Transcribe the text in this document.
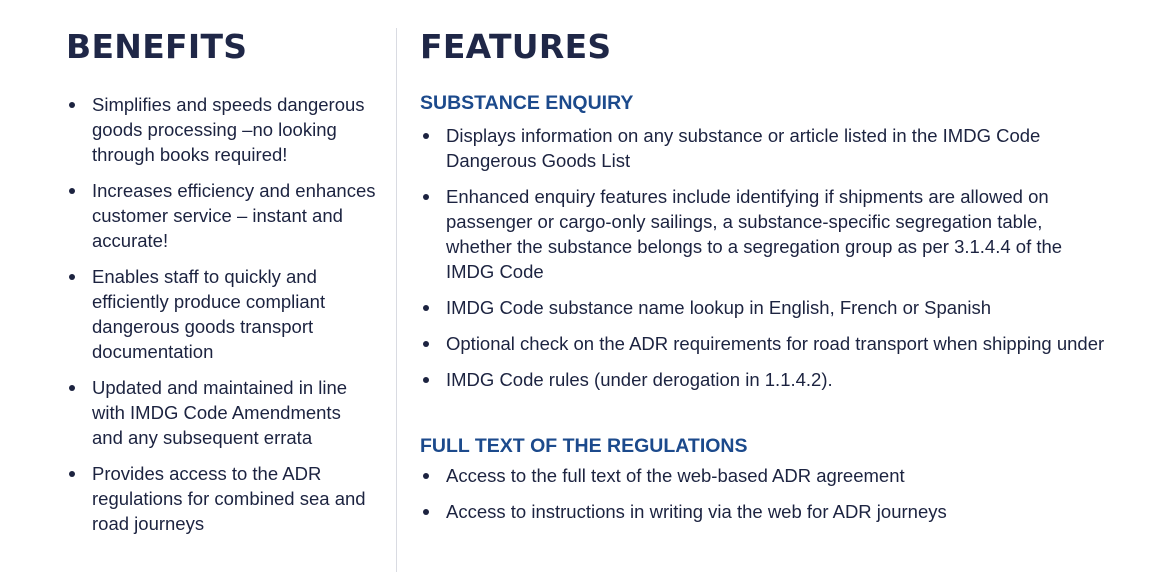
BENEFITS
Simplifies and speeds dangerous goods processing –no looking through books required!
Increases efficiency and enhances customer service – instant and accurate!
Enables staff to quickly and efficiently produce compliant dangerous goods transport documentation
Updated and maintained in line with IMDG Code Amendments and any subsequent errata
Provides access to the ADR regulations for combined sea and road journeys
FEATURES
SUBSTANCE ENQUIRY
Displays information on any substance or article listed in the IMDG Code Dangerous Goods List
Enhanced enquiry features include identifying if shipments are allowed on passenger or cargo-only sailings, a substance-specific segregation table, whether the substance belongs to a segregation group as per 3.1.4.4 of the IMDG Code
IMDG Code substance name lookup in English, French or Spanish
Optional check on the ADR requirements for road transport when shipping under
IMDG Code rules (under derogation in 1.1.4.2).
FULL TEXT OF THE REGULATIONS
Access to the full text of the web-based ADR agreement
Access to instructions in writing via the web for ADR journeys
